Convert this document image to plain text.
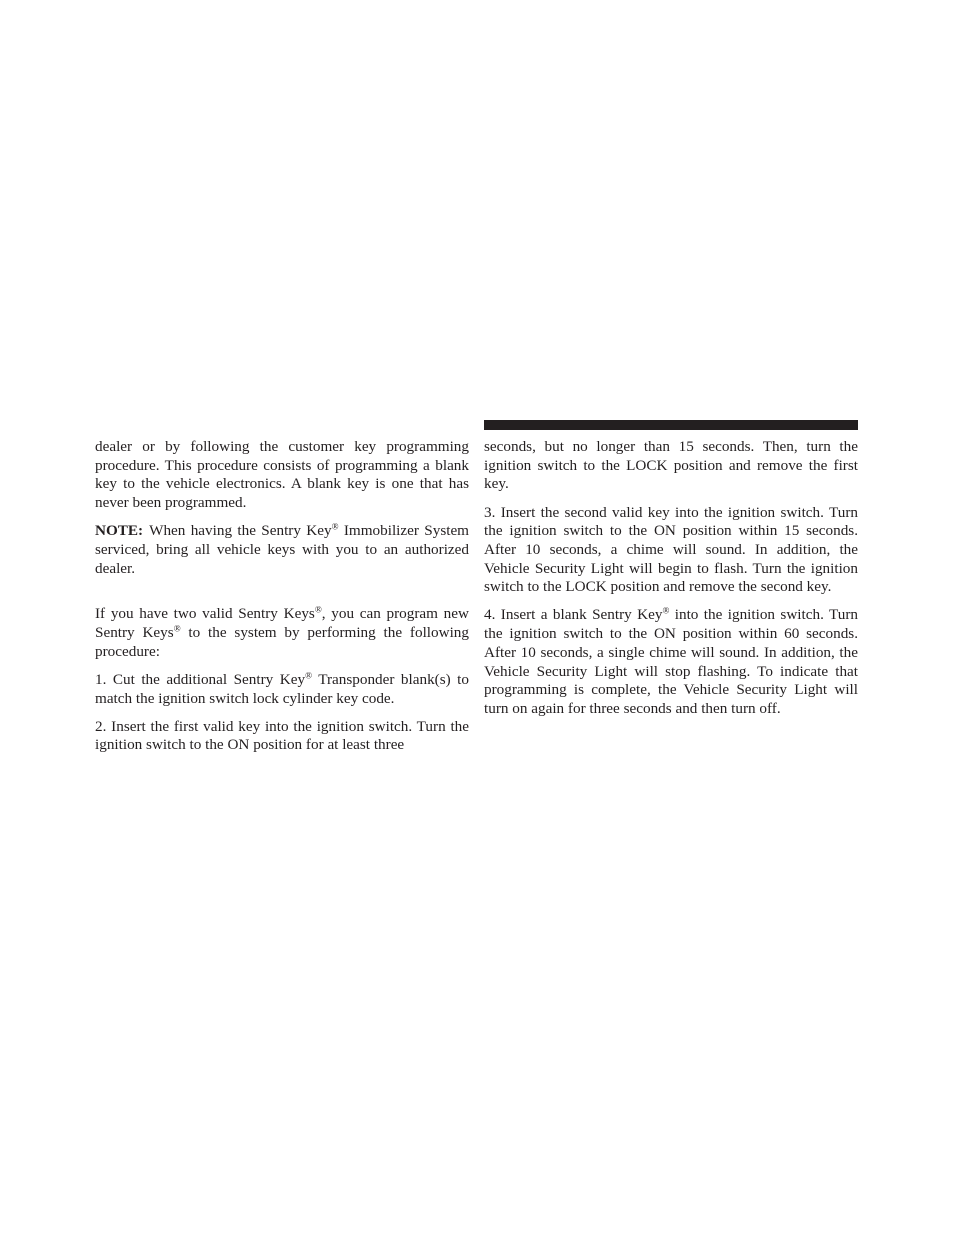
dealer or by following the customer key programming procedure. This procedure consists of programming a blank key to the vehicle electronics. A blank key is one that has never been programmed.

NOTE: When having the Sentry Key® Immobilizer System serviced, bring all vehicle keys with you to an authorized dealer.

If you have two valid Sentry Keys®, you can program new Sentry Keys® to the system by performing the following procedure:

1. Cut the additional Sentry Key® Transponder blank(s) to match the ignition switch lock cylinder key code.

2. Insert the first valid key into the ignition switch. Turn the ignition switch to the ON position for at least three

seconds, but no longer than 15 seconds. Then, turn the ignition switch to the LOCK position and remove the first key.

3. Insert the second valid key into the ignition switch. Turn the ignition switch to the ON position within 15 seconds. After 10 seconds, a chime will sound. In addition, the Vehicle Security Light will begin to flash. Turn the ignition switch to the LOCK position and remove the second key.

4. Insert a blank Sentry Key® into the ignition switch. Turn the ignition switch to the ON position within 60 seconds. After 10 seconds, a single chime will sound. In addition, the Vehicle Security Light will stop flashing. To indicate that programming is complete, the Vehicle Security Light will turn on again for three seconds and then turn off.
